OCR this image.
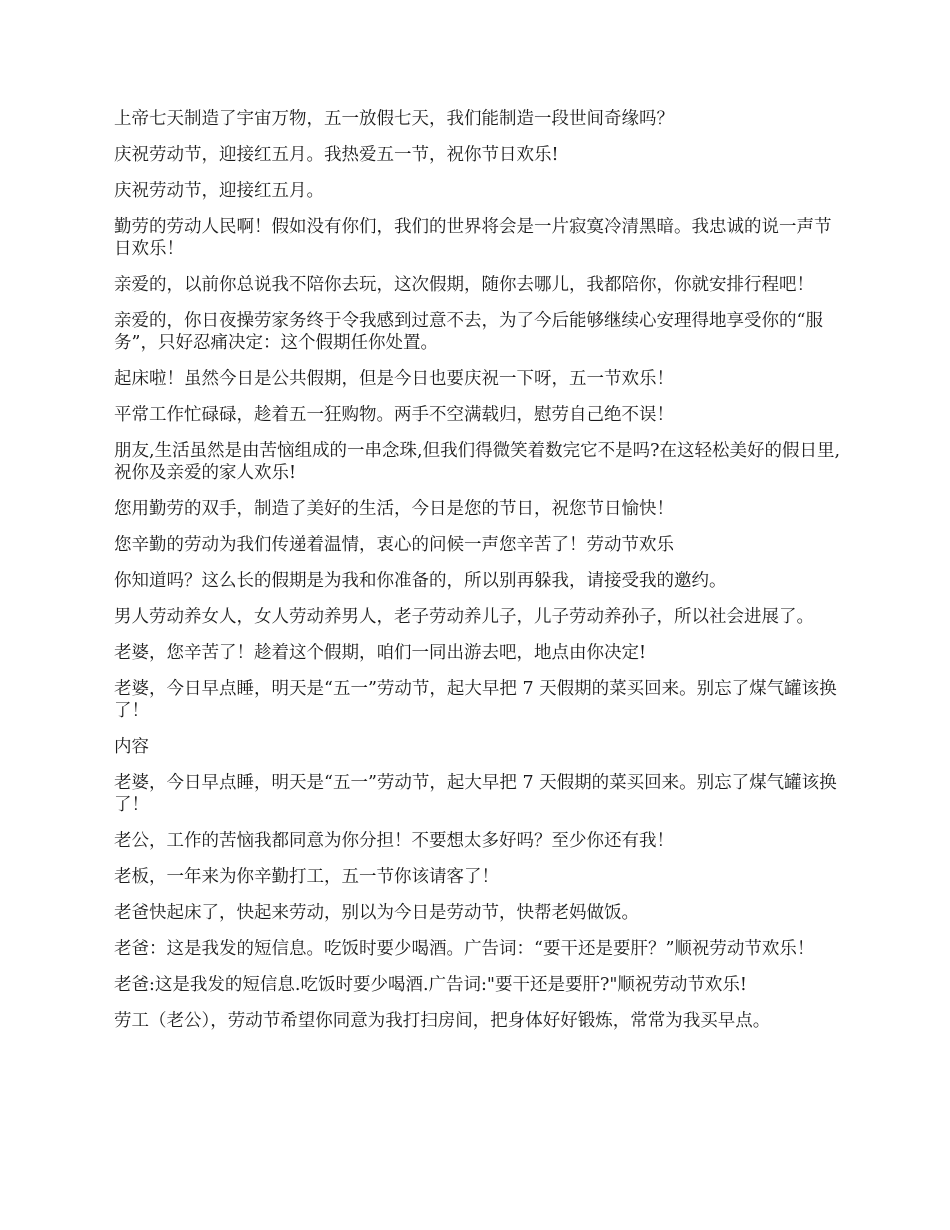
上帝七天制造了宇宙万物，五一放假七天，我们能制造一段世间奇缘吗？

庆祝劳动节，迎接红五月。我热爱五一节，祝你节日欢乐!

庆祝劳动节，迎接红五月。

勤劳的劳动人民啊！假如没有你们，我们的世界将会是一片寂寞冷清黑暗。我忠诚的说一声节日欢乐！

亲爱的，以前你总说我不陪你去玩，这次假期，随你去哪儿，我都陪你，你就安排行程吧！

亲爱的，你日夜操劳家务终于令我感到过意不去，为了今后能够继续心安理得地享受你的“服务”，只好忍痛决定：这个假期任你处置。

起床啦！虽然今日是公共假期，但是今日也要庆祝一下呀，五一节欢乐！

平常工作忙碌碌，趁着五一狂购物。两手不空满载归，慰劳自己绝不误！

朋友,生活虽然是由苦恼组成的一串念珠,但我们得微笑着数完它不是吗?在这轻松美好的假日里,祝你及亲爱的家人欢乐!

您用勤劳的双手，制造了美好的生活，今日是您的节日，祝您节日愉快！

您辛勤的劳动为我们传递着温情，衷心的问候一声您辛苦了！劳动节欢乐

你知道吗？这么长的假期是为我和你准备的，所以别再躲我，请接受我的邀约。

男人劳动养女人，女人劳动养男人，老子劳动养儿子，儿子劳动养孙子，所以社会进展了。

老婆，您辛苦了！趁着这个假期，咱们一同出游去吧，地点由你决定!

老婆，今日早点睡，明天是“五一”劳动节，起大早把 7 天假期的菜买回来。别忘了煤气罐该换了！

内容

老婆，今日早点睡，明天是“五一”劳动节，起大早把 7 天假期的菜买回来。别忘了煤气罐该换了！

老公，工作的苦恼我都同意为你分担！不要想太多好吗？至少你还有我！

老板，一年来为你辛勤打工，五一节你该请客了！

老爸快起床了，快起来劳动，别以为今日是劳动节，快帮老妈做饭。

老爸：这是我发的短信息。吃饭时要少喝酒。广告词：“要干还是要肝？”顺祝劳动节欢乐！

老爸:这是我发的短信息.吃饭时要少喝酒.广告词:"要干还是要肝?"顺祝劳动节欢乐!

劳工（老公），劳动节希望你同意为我打扫房间，把身体好好锻炼，常常为我买早点。
